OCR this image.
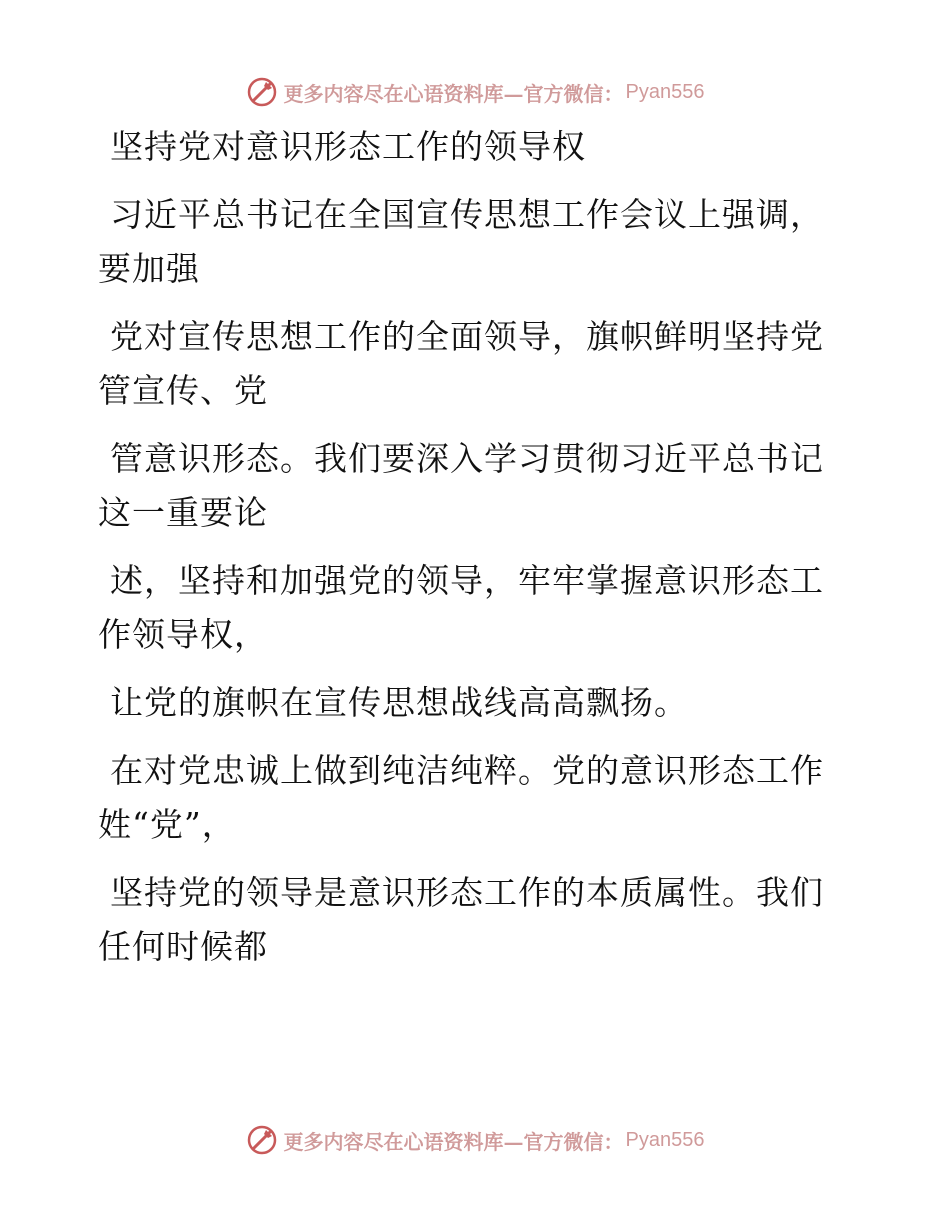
更多内容尽在心语资料库—官方微信： Pyan556

坚持党对意识形态工作的领导权

习近平总书记在全国宣传思想工作会议上强调，
要加强

党对宣传思想工作的全面领导，旗帜鲜明坚持党
管宣传、党

管意识形态。我们要深入学习贯彻习近平总书记
这一重要论

述，坚持和加强党的领导，牢牢掌握意识形态工
作领导权，

让党的旗帜在宣传思想战线高高飘扬。

在对党忠诚上做到纯洁纯粹。党的意识形态工作
姓“党”，

坚持党的领导是意识形态工作的本质属性。我们
任何时候都

更多内容尽在心语资料库—官方微信： Pyan556
